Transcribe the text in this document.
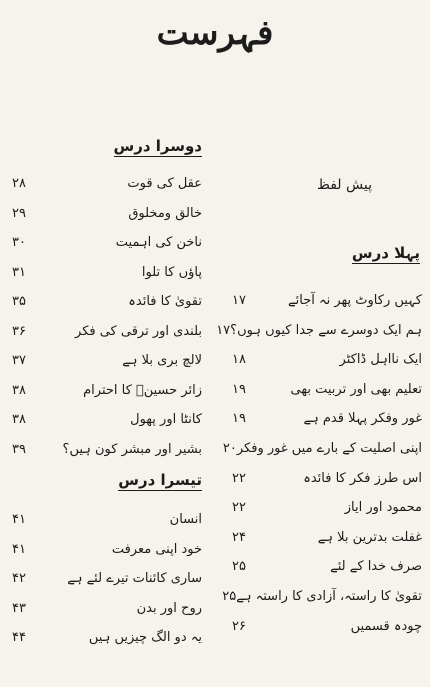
فہرست
پیش لفظ
پہلا درس
کہیں رکاوٹ پھر نہ آجائے
۱۷
ہم ایک دوسرے سے جدا کیوں ہوں؟
۱۷
ایک نااہل ڈاکٹر
۱۸
تعلیم بھی اور تربیت بھی
۱۹
غور وفکر پہلا قدم ہے
۱۹
اپنی اصلیت کے بارے میں غور وفکر
۲۰
اس طرز فکر کا فائدہ
۲۲
محمود اور ایاز
۲۲
غفلت بدترین بلا ہے
۲۴
صرف خدا کے لئے
۲۵
تقویٰ کا راستہ، آزادی کا راستہ ہے
۲۵
چودہ قسمیں
۲۶
دوسرا درس
عقل کی قوت
۲۸
خالق ومخلوق
۲۹
ناخن کی اہمیت
۳۰
پاؤں کا تلوا
۳۱
تقویٰ کا فائدہ
۳۵
بلندی اور ترقی کی فکر
۳۶
لالچ بری بلا ہے
۳۷
زائر حسینؑ کا احترام
۳۸
کانٹا اور پھول
۳۸
بشیر اور مبشر کون ہیں؟
۳۹
تیسرا درس
انسان
۴۱
خود اپنی معرفت
۴۱
ساری کائنات تیرے لئے ہے
۴۲
روح اور بدن
۴۳
یہ دو الگ چیزیں ہیں
۴۴
